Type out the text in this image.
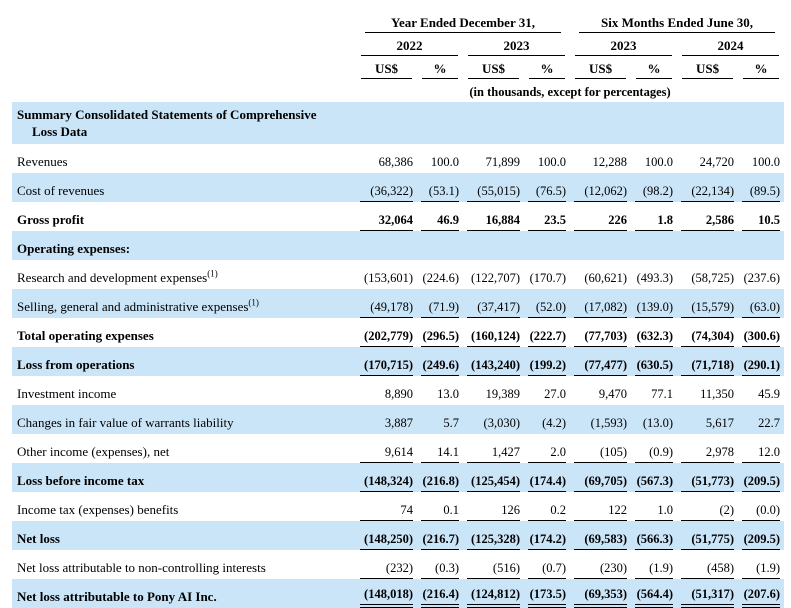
	Year Ended December 31,				Six Months Ended June 30,			

	2022		2023		2023		2024	

	US$	%	US$	%	US$	%	US$	%

	(in thousands, except for percentages)							

Summary Consolidated Statements of Comprehensive
Loss Data								

Revenues	68,386	100.0	71,899	100.0	12,288	100.0	24,720	100.0

Cost of revenues	(36,322)	(53.1)	(55,015)	(76.5)	(12,062)	(98.2)	(22,134)	(89.5)

Gross profit	32,064	46.9	16,884	23.5	226	1.8	2,586	10.5

Operating expenses:	

Research and development expenses$^{(1)}$	(153,601)	(224.6)	(122,707)	(170.7)	(60,621)	(493.3)	(58,725)	(237.6)

Selling, general and administrative expenses$^{(1)}$	(49,178)	(71.9)	(37,417)	(52.0)	(17,082)	(139.0)	(15,579)	(63.0)

Total operating expenses	(202,779)	(296.5)	(160,124)	(222.7)	(77,703)	(632.3)	(74,304)	(300.6)

Loss from operations	(170,715)	(249.6)	(143,240)	(199.2)	(77,477)	(630.5)	(71,718)	(290.1)

Investment income	8,890	13.0	19,389	27.0	9,470	77.1	11,350	45.9

Changes in fair value of warrants liability	3,887	5.7	(3,030)	(4.2)	(1,593)	(13.0)	5,617	22.7

Other income (expenses), net	9,614	14.1	1,427	2.0	(105)	(0.9)	2,978	12.0

Loss before income tax	(148,324)	(216.8)	(125,454)	(174.4)	(69,705)	(567.3)	(51,773)	(209.5)

Income tax (expenses) benefits	74	0.1	126	0.2	122	1.0	(2)	(0.0)

Net loss	(148,250)	(216.7)	(125,328)	(174.2)	(69,583)	(566.3)	(51,775)	(209.5)

Net loss attributable to non-controlling interests	(232)	(0.3)	(516)	(0.7)	(230)	(1.9)	(458)	(1.9)

Net loss attributable to Pony AI Inc.	(148,018)	(216.4)	(124,812)	(173.5)	(69,353)	(564.4)	(51,317)	(207.6)
